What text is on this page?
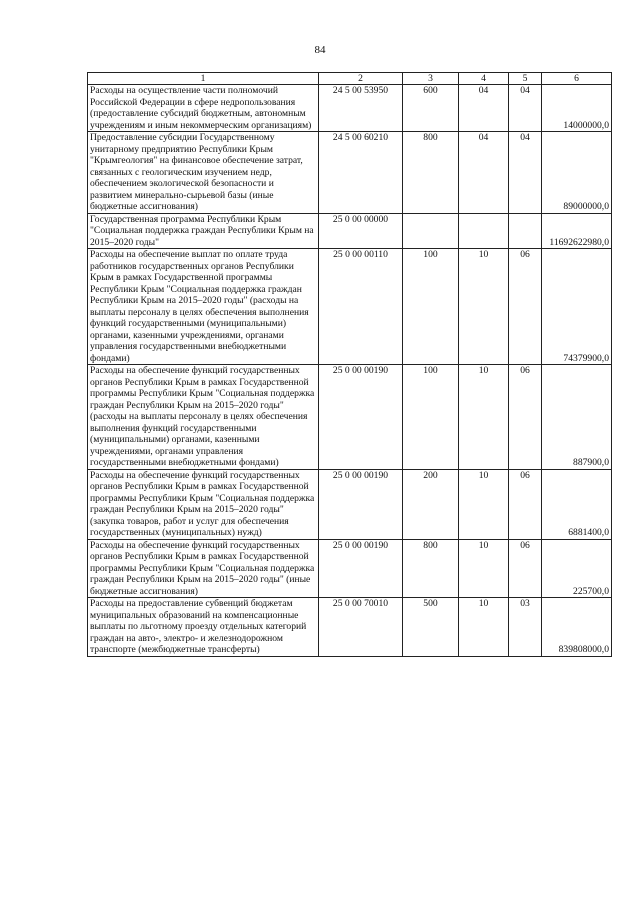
84
1	2	3	4	5	6
Расходы на осуществление части полномочий Российской Федерации в сфере недропользования (предоставление субсидий бюджетным, автономным учреждениям и иным некоммерческим организациям)	24 5 00 53950	600	04	04	14000000,0
Предоставление субсидии Государственному унитарному предприятию Республики Крым "Крымгеология" на финансовое обеспечение затрат, связанных с геологическим изучением недр, обеспечением экологической безопасности и развитием минерально-сырьевой базы (иные бюджетные ассигнования)	24 5 00 60210	800	04	04	89000000,0
Государственная программа Республики Крым "Социальная поддержка граждан Республики Крым на 2015–2020 годы"	25 0 00 00000				11692622980,0
Расходы на обеспечение выплат по оплате труда работников государственных органов Республики Крым в рамках Государственной программы Республики Крым "Социальная поддержка граждан Республики Крым на 2015–2020 годы" (расходы на выплаты персоналу в целях обеспечения выполнения функций государственными (муниципальными) органами, казенными учреждениями, органами управления государственными внебюджетными фондами)	25 0 00 00110	100	10	06	74379900,0
Расходы на обеспечение функций государственных органов Республики Крым в рамках Государственной программы Республики Крым "Социальная поддержка граждан Республики Крым на 2015–2020 годы" (расходы на выплаты персоналу в целях обеспечения выполнения функций государственными (муниципальными) органами, казенными учреждениями, органами управления государственными внебюджетными фондами)	25 0 00 00190	100	10	06	887900,0
Расходы на обеспечение функций государственных органов Республики Крым в рамках Государственной программы Республики Крым "Социальная поддержка граждан Республики Крым на 2015–2020 годы" (закупка товаров, работ и услуг для обеспечения государственных (муниципальных) нужд)	25 0 00 00190	200	10	06	6881400,0
Расходы на обеспечение функций государственных органов Республики Крым в рамках Государственной программы Республики Крым "Социальная поддержка граждан Республики Крым на 2015–2020 годы" (иные бюджетные ассигнования)	25 0 00 00190	800	10	06	225700,0
Расходы на предоставление субвенций бюджетам муниципальных образований на компенсационные выплаты по льготному проезду отдельных категорий граждан на авто-, электро- и железнодорожном транспорте (межбюджетные трансферты)	25 0 00 70010	500	10	03	839808000,0
